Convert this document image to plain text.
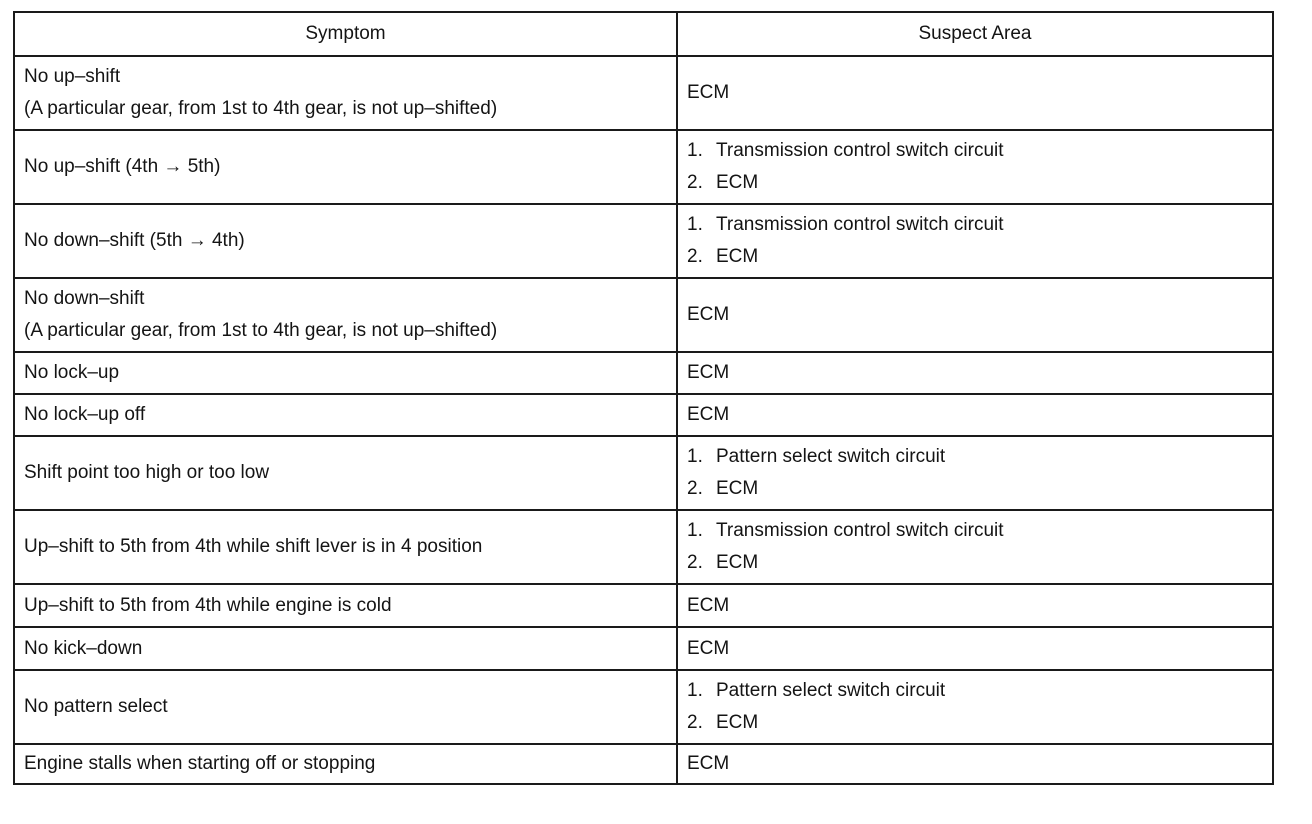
Symptom	Suspect Area

No up–shift
(A particular gear, from 1st to 4th gear, is not up–shifted)	ECM

No up–shift (4th → 5th)	1. Transmission control switch circuit
2. ECM

No down–shift (5th → 4th)	1. Transmission control switch circuit
2. ECM

No down–shift
(A particular gear, from 1st to 4th gear, is not up–shifted)	ECM

No lock–up	ECM

No lock–up off	ECM

Shift point too high or too low	1. Pattern select switch circuit
2. ECM

Up–shift to 5th from 4th while shift lever is in 4 position	1. Transmission control switch circuit
2. ECM

Up–shift to 5th from 4th while engine is cold	ECM

No kick–down	ECM

No pattern select	1. Pattern select switch circuit
2. ECM

Engine stalls when starting off or stopping	ECM
